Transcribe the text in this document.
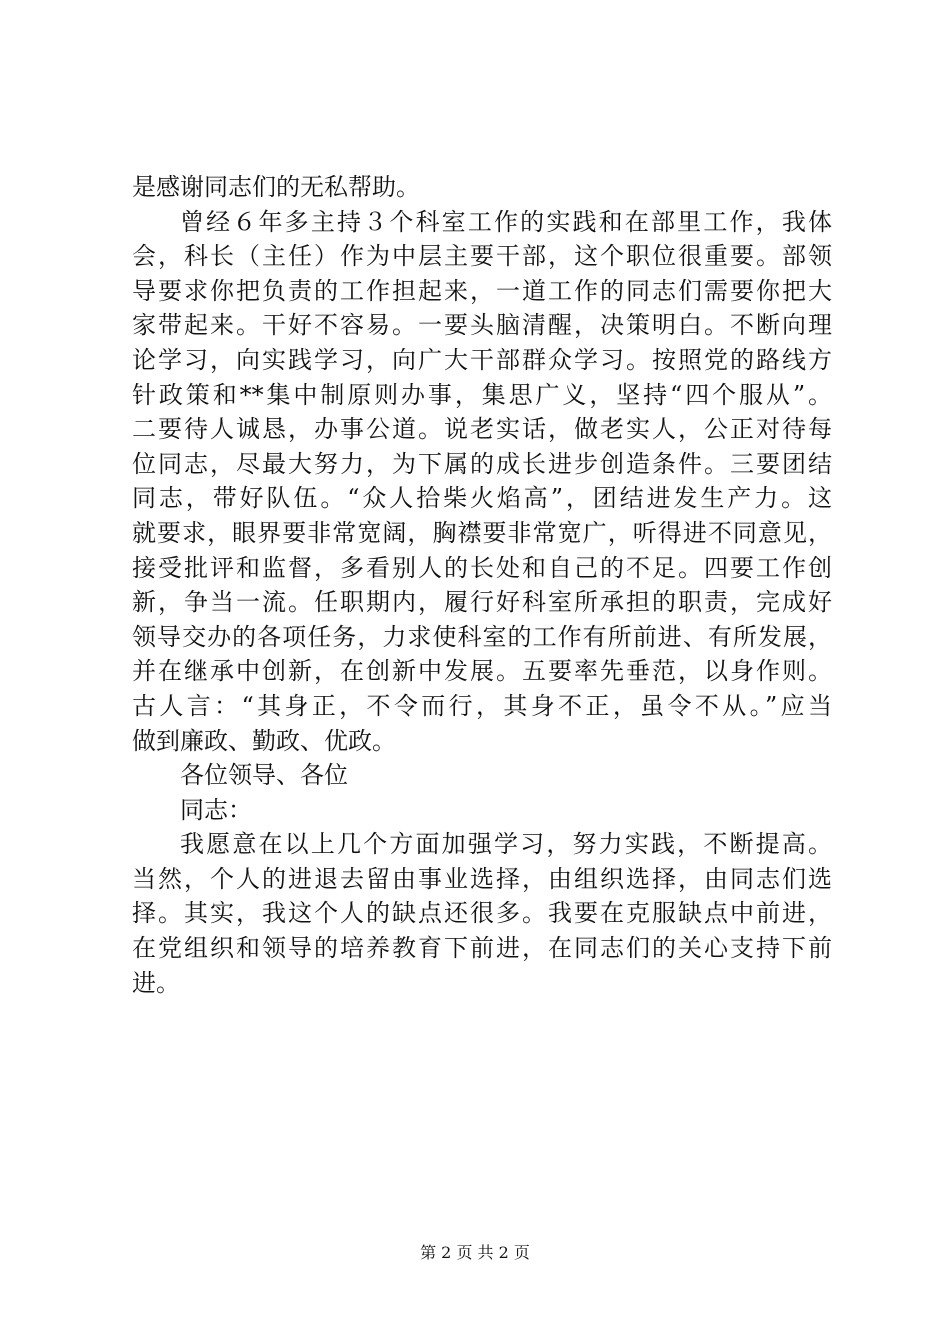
是感谢同志们的无私帮助。
曾经６年多主持３个科室工作的实践和在部里工作，我体
会，科长（主任）作为中层主要干部，这个职位很重要。部领
导要求你把负责的工作担起来，一道工作的同志们需要你把大
家带起来。干好不容易。一要头脑清醒，决策明白。不断向理
论学习，向实践学习，向广大干部群众学习。按照党的路线方
针政策和**集中制原则办事，集思广义，坚持“四个服从”。
二要待人诚恳，办事公道。说老实话，做老实人，公正对待每
位同志，尽最大努力，为下属的成长进步创造条件。三要团结
同志，带好队伍。“众人拾柴火焰高”，团结进发生产力。这
就要求，眼界要非常宽阔，胸襟要非常宽广，听得进不同意见，
接受批评和监督，多看别人的长处和自己的不足。四要工作创
新，争当一流。任职期内，履行好科室所承担的职责，完成好
领导交办的各项任务，力求使科室的工作有所前进、有所发展，
并在继承中创新，在创新中发展。五要率先垂范，以身作则。
古人言：“其身正，不令而行，其身不正，虽令不从。”应当
做到廉政、勤政、优政。
各位领导、各位
同志：
我愿意在以上几个方面加强学习，努力实践，不断提高。
当然，个人的进退去留由事业选择，由组织选择，由同志们选
择。其实，我这个人的缺点还很多。我要在克服缺点中前进，
在党组织和领导的培养教育下前进，在同志们的关心支持下前
进。
第 2 页 共 2 页
